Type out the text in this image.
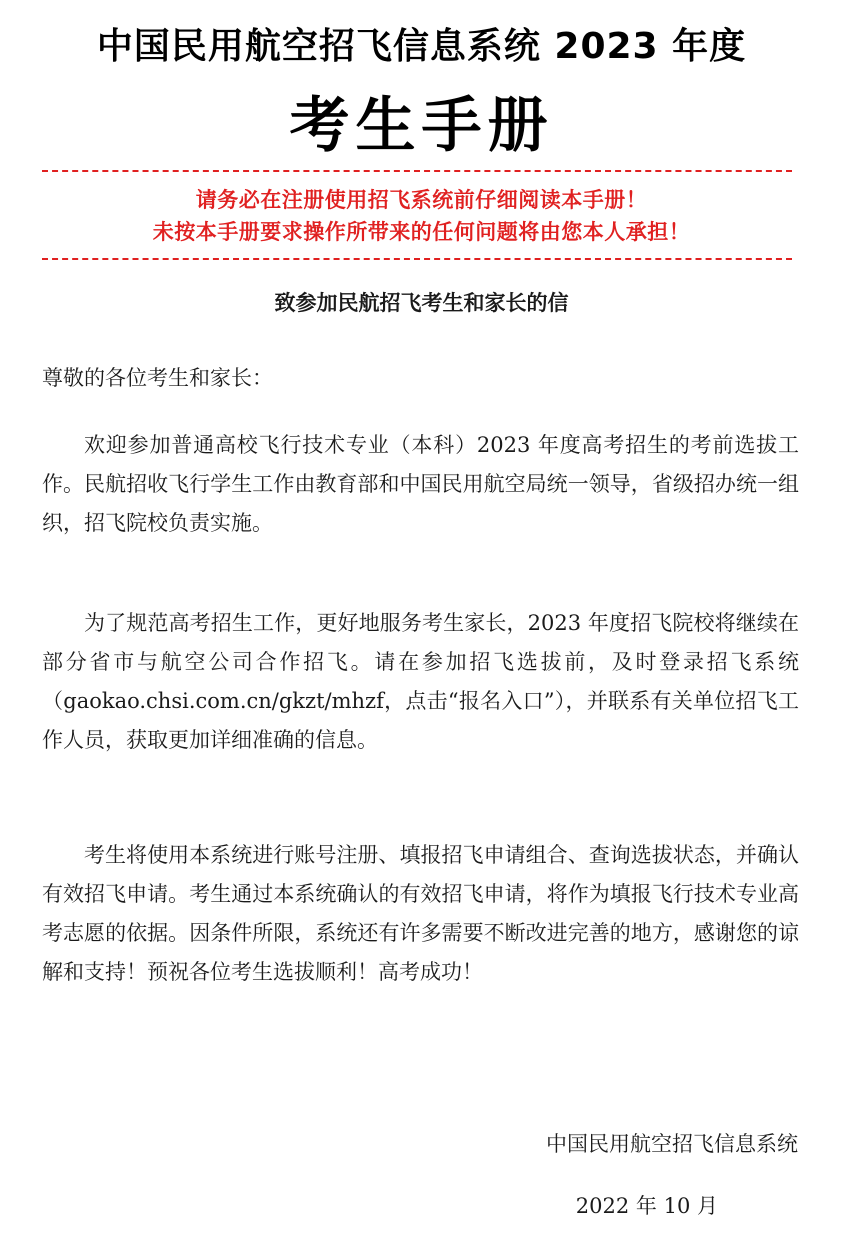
中国民用航空招飞信息系统 2023 年度
考生手册
请务必在注册使用招飞系统前仔细阅读本手册！
未按本手册要求操作所带来的任何问题将由您本人承担！
致参加民航招飞考生和家长的信
尊敬的各位考生和家长：

欢迎参加普通高校飞行技术专业（本科）2023 年度高考招生的考前选拔工作。民航招收飞行学生工作由教育部和中国民用航空局统一领导，省级招办统一组织，招飞院校负责实施。

为了规范高考招生工作，更好地服务考生家长，2023 年度招飞院校将继续在部分省市与航空公司合作招飞。请在参加招飞选拔前，及时登录招飞系统（gaokao.chsi.com.cn/gkzt/mhzf，点击“报名入口”），并联系有关单位招飞工作人员，获取更加详细准确的信息。

考生将使用本系统进行账号注册、填报招飞申请组合、查询选拔状态，并确认有效招飞申请。考生通过本系统确认的有效招飞申请，将作为填报飞行技术专业高考志愿的依据。因条件所限，系统还有许多需要不断改进完善的地方，感谢您的谅解和支持！预祝各位考生选拔顺利！高考成功！

中国民用航空招飞信息系统
2022 年 10 月
